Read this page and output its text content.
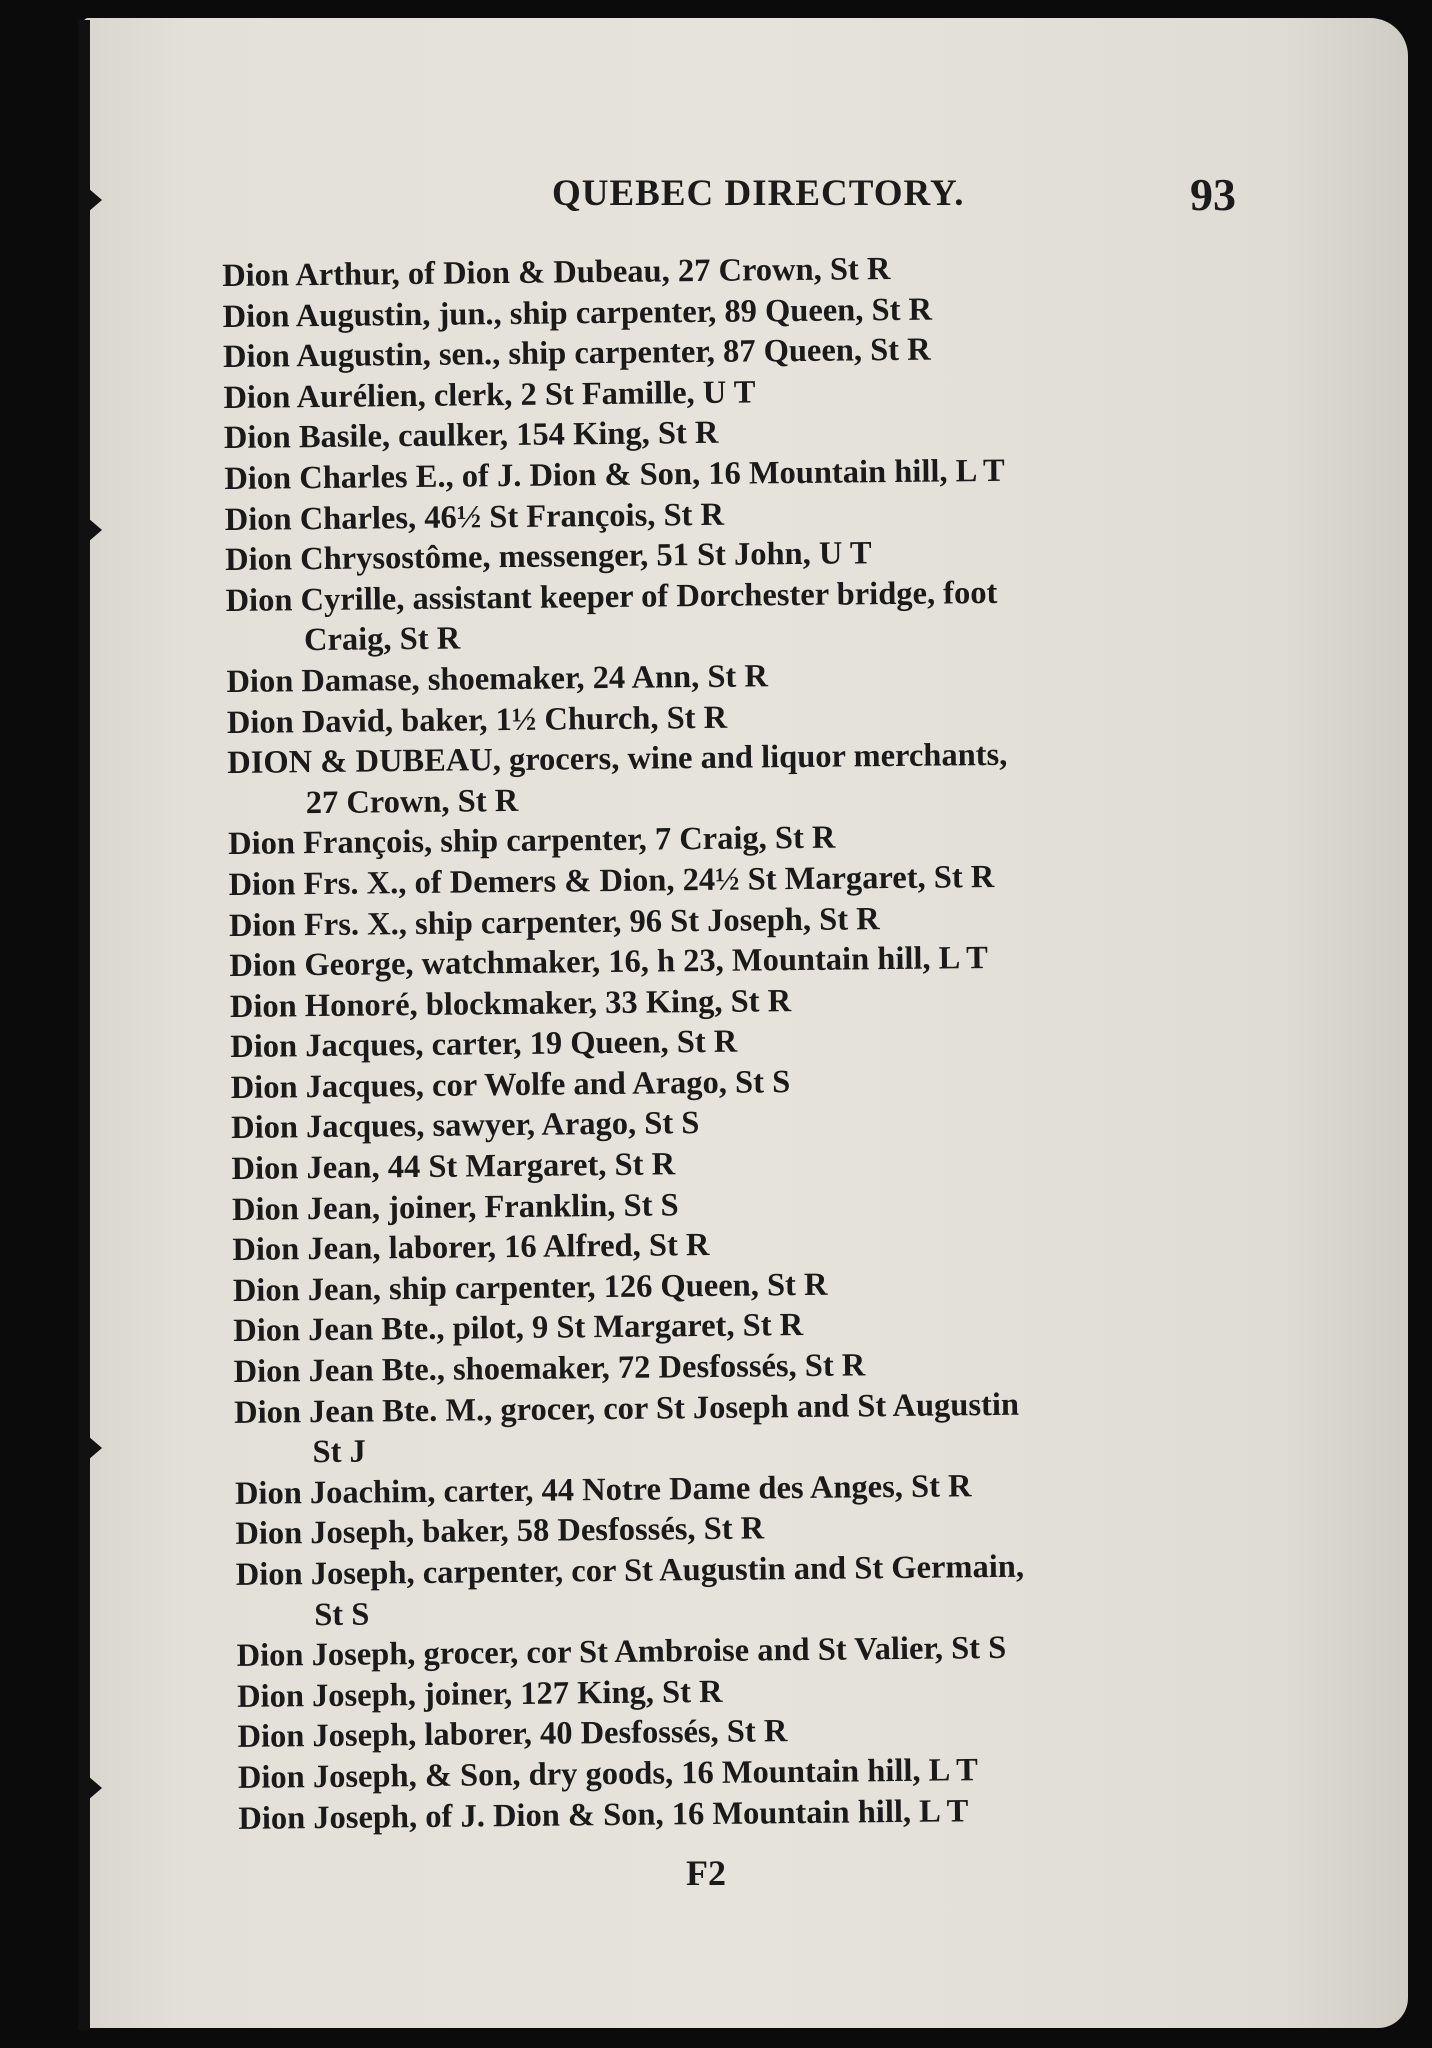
QUEBEC DIRECTORY.	93
Dion Arthur, of Dion & Dubeau, 27 Crown, St R
Dion Augustin, jun., ship carpenter, 89 Queen, St R
Dion Augustin, sen., ship carpenter, 87 Queen, St R
Dion Aurélien, clerk, 2 St Famille, U T
Dion Basile, caulker, 154 King, St R
Dion Charles E., of J. Dion & Son, 16 Mountain hill, L T
Dion Charles, 46½ St François, St R
Dion Chrysostôme, messenger, 51 St John, U T
Dion Cyrille, assistant keeper of Dorchester bridge, foot
Craig, St R
Dion Damase, shoemaker, 24 Ann, St R
Dion David, baker, 1½ Church, St R
DION & DUBEAU, grocers, wine and liquor merchants,
27 Crown, St R
Dion François, ship carpenter, 7 Craig, St R
Dion Frs. X., of Demers & Dion, 24½ St Margaret, St R
Dion Frs. X., ship carpenter, 96 St Joseph, St R
Dion George, watchmaker, 16, h 23, Mountain hill, L T
Dion Honoré, blockmaker, 33 King, St R
Dion Jacques, carter, 19 Queen, St R
Dion Jacques, cor Wolfe and Arago, St S
Dion Jacques, sawyer, Arago, St S
Dion Jean, 44 St Margaret, St R
Dion Jean, joiner, Franklin, St S
Dion Jean, laborer, 16 Alfred, St R
Dion Jean, ship carpenter, 126 Queen, St R
Dion Jean Bte., pilot, 9 St Margaret, St R
Dion Jean Bte., shoemaker, 72 Desfossés, St R
Dion Jean Bte. M., grocer, cor St Joseph and St Augustin
St J
Dion Joachim, carter, 44 Notre Dame des Anges, St R
Dion Joseph, baker, 58 Desfossés, St R
Dion Joseph, carpenter, cor St Augustin and St Germain,
St S
Dion Joseph, grocer, cor St Ambroise and St Valier, St S
Dion Joseph, joiner, 127 King, St R
Dion Joseph, laborer, 40 Desfossés, St R
Dion Joseph, & Son, dry goods, 16 Mountain hill, L T
Dion Joseph, of J. Dion & Son, 16 Mountain hill, L T
F2
